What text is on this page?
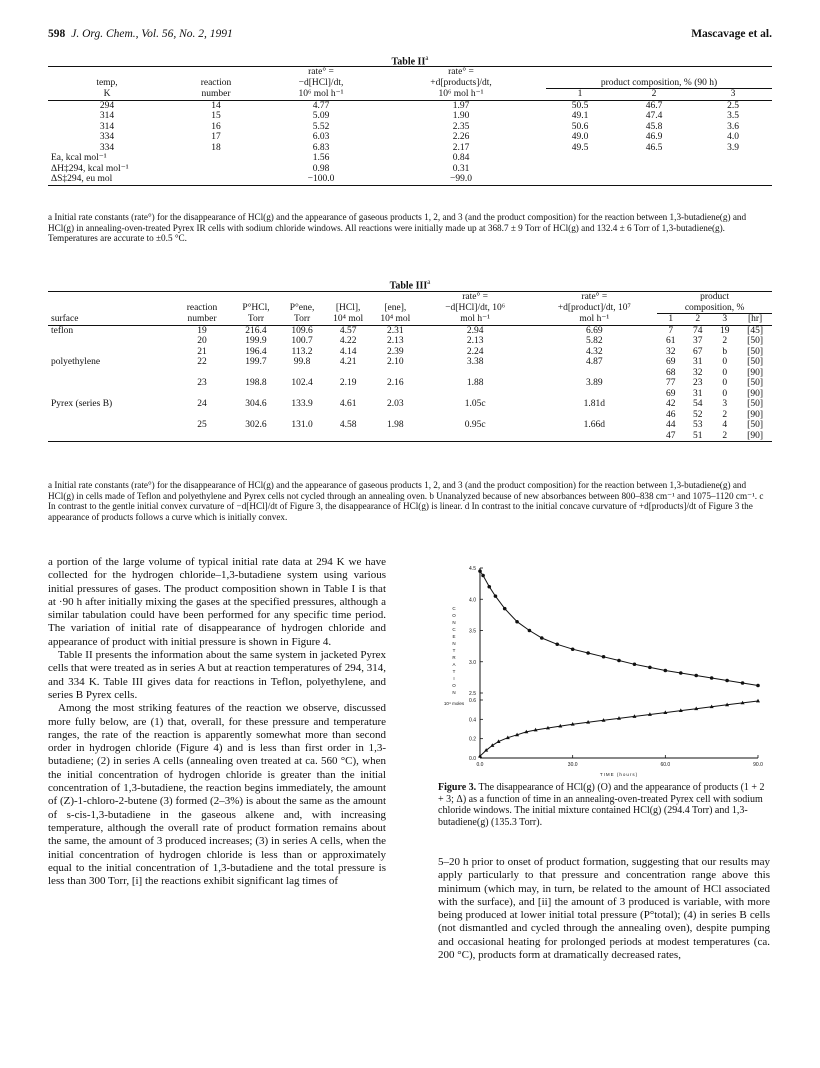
598 J. Org. Chem., Vol. 56, No. 2, 1991	Mascavage et al.
Table $II^a$
		rate° =	rate° =			
temp,	reaction	−d[HCl]/dt,	+d[products]/dt,	product composition, % (90 h)		
K	number	10⁶ mol h⁻¹	10⁶ mol h⁻¹	1	2	3
294	14	4.77	1.97	50.5	46.7	2.5
314	15	5.09	1.90	49.1	47.4	3.5
314	16	5.52	2.35	50.6	45.8	3.6
334	17	6.03	2.26	49.0	46.9	4.0
334	18	6.83	2.17	49.5	46.5	3.9
Ea, kcal mol⁻¹		1.56	0.84			
ΔH‡294, kcal mol⁻¹		0.98	0.31			
ΔS‡294, eu mol		−100.0	−99.0			
a Initial rate constants (rate°) for the disappearance of HCl(g) and the appearance of gaseous products 1, 2, and 3 (and the product composition) for the reaction between 1,3-butadiene(g) and HCl(g) in annealing-oven-treated Pyrex IR cells with sodium chloride windows. All reactions were initially made up at 368.7 ± 9 Torr of HCl(g) and 132.4 ± 6 Torr of 1,3-butadiene(g). Temperatures are accurate to ±0.5 °C.
Table III$^a$
						rate° =	rate° =	product			
	reaction	P°HCl,	P°ene,	[HCl],	[ene],	−d[HCl]/dt, 10⁶	+d[product]/dt, 10⁷	composition, %			
surface	number	Torr	Torr	10⁴ mol	10⁴ mol	mol h⁻¹	mol h⁻¹	1	2	3	[hr]
teflon	19	216.4	109.6	4.57	2.31	2.94	6.69	7	74	19	[45]
	20	199.9	100.7	4.22	2.13	2.13	5.82	61	37	2	[50]
	21	196.4	113.2	4.14	2.39	2.24	4.32	32	67	b	[50]
polyethylene	22	199.7	99.8	4.21	2.10	3.38	4.87	69	31	0	[50]
								68	32	0	[90]
	23	198.8	102.4	2.19	2.16	1.88	3.89	77	23	0	[50]
								69	31	0	[90]
Pyrex (series B)	24	304.6	133.9	4.61	2.03	1.05c	1.81d	42	54	3	[50]
								46	52	2	[90]
	25	302.6	131.0	4.58	1.98	0.95c	1.66d	44	53	4	[50]
								47	51	2	[90]
a Initial rate constants (rate°) for the disappearance of HCl(g) and the appearance of gaseous products 1, 2, and 3 (and the product composition) for the reaction between 1,3-butadiene(g) and HCl(g) in cells made of Teflon and polyethylene and Pyrex cells not cycled through an annealing oven. b Unanalyzed because of new absorbances between 800–838 cm⁻¹ and 1075–1120 cm⁻¹. c In contrast to the gentle initial convex curvature of −d[HCl]/dt of Figure 3, the disappearance of HCl(g) is linear. d In contrast to the initial concave curvature of +d[products]/dt of Figure 3 the appearance of products follows a curve which is initially convex.

a portion of the large volume of typical initial rate data at 294 K we have collected for the hydrogen chloride–1,3-butadiene system using various initial pressures of gases. The product composition shown in Table I is that at ·90 h after initially mixing the gases at the specified pressures, although a similar tabulation could have been performed for any specific time period. The variation of initial rate of disappearance of hydrogen chloride and appearance of product with initial pressure is shown in Figure 4.

Table II presents the information about the same system in jacketed Pyrex cells that were treated as in series A but at reaction temperatures of 294, 314, and 334 K. Table III gives data for reactions in Teflon, polyethylene, and series B Pyrex cells.

Among the most striking features of the reaction we observe, discussed more fully below, are (1) that, overall, for these pressure and temperature ranges, the rate of the reaction is apparently somewhat more than second order in hydrogen chloride (Figure 4) and is less than first order in 1,3-butadiene; (2) in series A cells (annealing oven treated at ca. 560 °C), when the initial concentration of hydrogen chloride is greater than the initial concentration of 1,3-butadiene, the reaction begins immediately, the amount of (Z)-1-chloro-2-butene (3) formed (2–3%) is about the same as the amount of s-cis-1,3-butadiene in the gaseous alkene and, with increasing temperature, although the overall rate of product formation remains about the same, the amount of 3 produced increases; (3) in series A cells, when the initial concentration of hydrogen chloride is less than or approximately equal to the initial concentration of 1,3-butadiene and the total pressure is less than 300 Torr, [i] the reactions exhibit significant lag times of

4.5
4.0
3.5
3.0
2.5
0.6
0.4
0.2
0.0
0.0	30.0	60.0	90.0
TIME (hours)
C
O
N
C
E
N
T
R
A
T
I
O
N
10⁴ moles
Figure 3. The disappearance of HCl(g) (O) and the appearance of products (1 + 2 + 3; Δ) as a function of time in an annealing-oven-treated Pyrex cell with sodium chloride windows. The initial mixture contained HCl(g) (294.4 Torr) and 1,3-butadiene(g) (135.3 Torr).

5–20 h prior to onset of product formation, suggesting that our results may apply particularly to that pressure and concentration range above this minimum (which may, in turn, be related to the amount of HCl associated with the surface), and [ii] the amount of 3 produced is variable, with more being produced at lower initial total pressure (P°total); (4) in series B cells (not dismantled and cycled through the annealing oven), despite pumping and occasional heating for prolonged periods at modest temperatures (ca. 200 °C), products form at dramatically decreased rates,
